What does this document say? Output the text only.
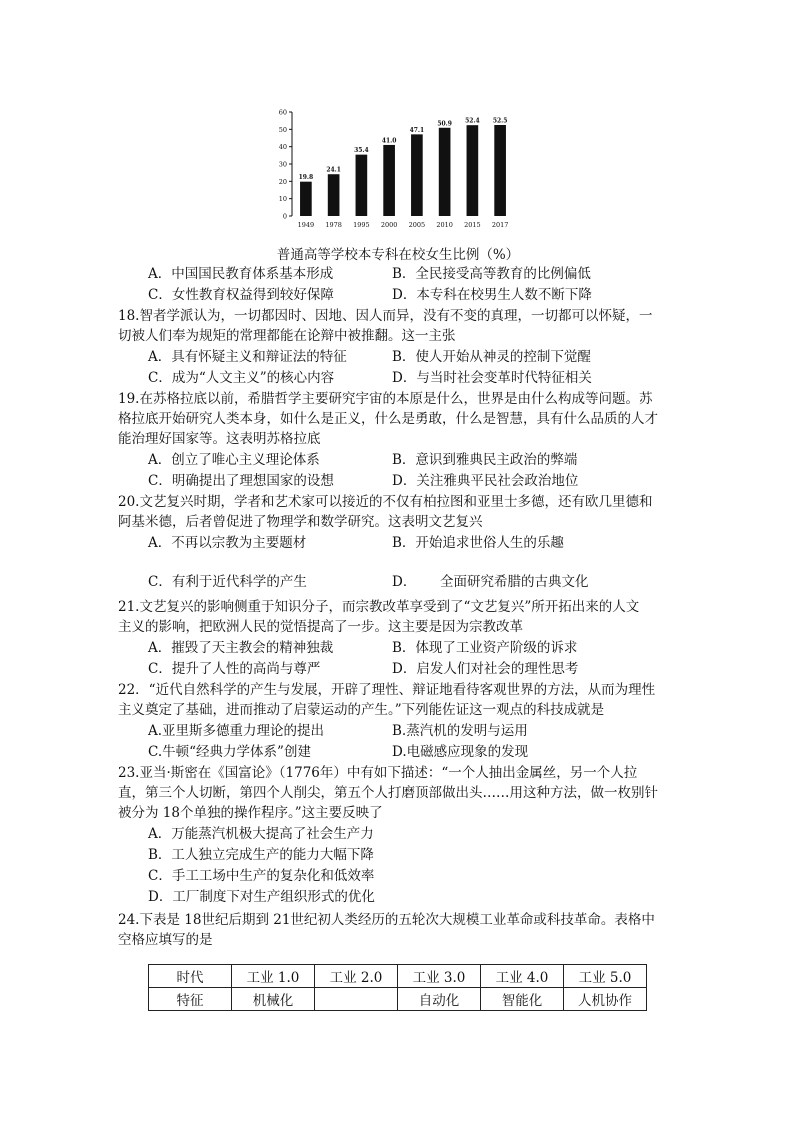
0
10
20
30
40
50
60
19.8
1949
24.1
1978
35.4
1995
41.0
2000
47.1
2005
50.9
2010
52.4
2015
52.5
2017
普通高等学校本专科在校女生比例（%）
A．中国国民教育体系基本形成	B．全民接受高等教育的比例偏低
C．女性教育权益得到较好保障	D．本专科在校男生人数不断下降
18.智者学派认为，一切都因时、因地、因人而异，没有不变的真理，一切都可以怀疑，一
切被人们奉为规矩的常理都能在论辩中被推翻。这一主张
A．具有怀疑主义和辩证法的特征	B．使人开始从神灵的控制下觉醒
C．成为“人文主义”的核心内容	D．与当时社会变革时代特征相关
19.在苏格拉底以前，希腊哲学主要研究宇宙的本原是什么，世界是由什么构成等问题。苏
格拉底开始研究人类本身，如什么是正义，什么是勇敢，什么是智慧，具有什么品质的人才
能治理好国家等。这表明苏格拉底
A．创立了唯心主义理论体系	B．意识到雅典民主政治的弊端
C．明确提出了理想国家的设想	D．关注雅典平民社会政治地位
20.文艺复兴时期，学者和艺术家可以接近的不仅有柏拉图和亚里士多德，还有欧几里德和
阿基米德，后者曾促进了物理学和数学研究。这表明文艺复兴
A．不再以宗教为主要题材	B．开始追求世俗人生的乐趣
C．有利于近代科学的产生	D． 全面研究希腊的古典文化
21.文艺复兴的影响侧重于知识分子，而宗教改革享受到了“文艺复兴”所开拓出来的人文
主义的影响，把欧洲人民的觉悟提高了一步。这主要是因为宗教改革
A．摧毁了天主教会的精神独裁	B．体现了工业资产阶级的诉求
C．提升了人性的高尚与尊严	D．启发人们对社会的理性思考
22．“近代自然科学的产生与发展，开辟了理性、辩证地看待客观世界的方法，从而为理性
主义奠定了基础，进而推动了启蒙运动的产生。”下列能佐证这一观点的科技成就是
A.亚里斯多德重力理论的提出	B.蒸汽机的发明与运用
C.牛顿“经典力学体系”创建	D.电磁感应现象的发现
23.亚当·斯密在《国富论》（1776年）中有如下描述：“一个人抽出金属丝，另一个人拉
直，第三个人切断，第四个人削尖，第五个人打磨顶部做出头……用这种方法，做一枚别针
被分为 18个单独的操作程序。”这主要反映了
A．万能蒸汽机极大提高了社会生产力
B．工人独立完成生产的能力大幅下降
C．手工工场中生产的复杂化和低效率
D．工厂制度下对生产组织形式的优化
24.下表是 18世纪后期到 21世纪初人类经历的五轮次大规模工业革命或科技革命。表格中
空格应填写的是
时代	工业 1.0	工业 2.0	工业 3.0	工业 4.0	工业 5.0
特征	机械化		自动化	智能化	人机协作
